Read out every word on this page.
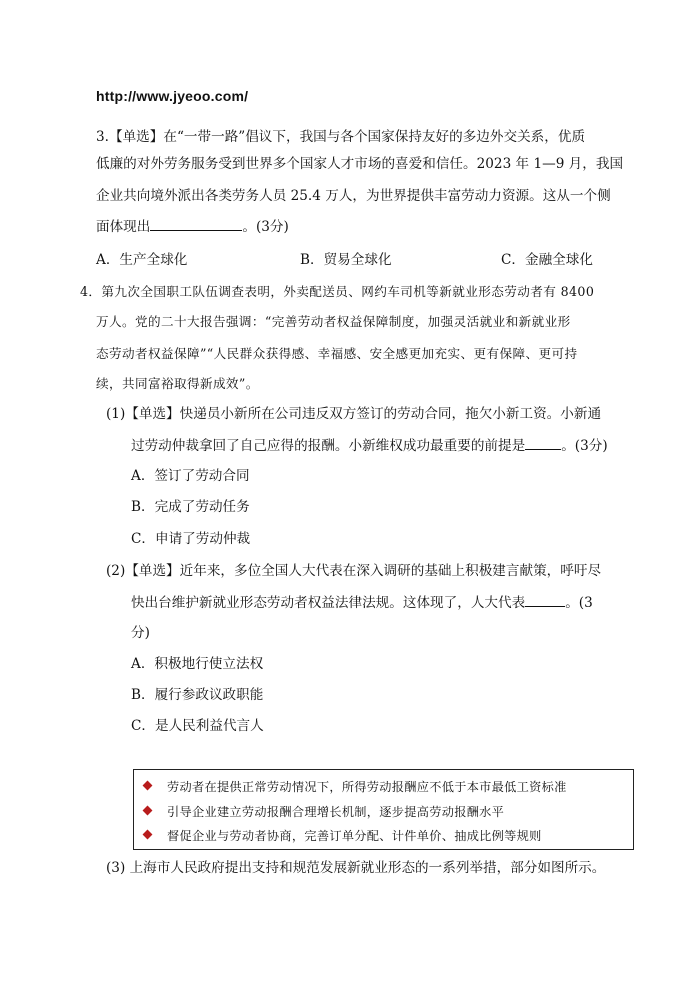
http://www.jyeoo.com/
3.【单选】在“一带一路”倡议下，我国与各个国家保持友好的多边外交关系，优质
低廉的对外劳务服务受到世界多个国家人才市场的喜爱和信任。2023 年 1—9 月，我国
企业共向境外派出各类劳务人员 25.4 万人，为世界提供丰富劳动力资源。这从一个侧
面体现出	。(3分)
A．生产全球化	B．贸易全球化	C．金融全球化
4．第九次全国职工队伍调查表明，外卖配送员、网约车司机等新就业形态劳动者有 8400
万人。党的二十大报告强调：“完善劳动者权益保障制度，加强灵活就业和新就业形
态劳动者权益保障”“人民群众获得感、幸福感、安全感更加充实、更有保障、更可持
续，共同富裕取得新成效”。
(1)【单选】快递员小新所在公司违反双方签订的劳动合同，拖欠小新工资。小新通
过劳动仲裁拿回了自己应得的报酬。小新维权成功最重要的前提是	。(3分)
A．签订了劳动合同
B．完成了劳动任务
C．申请了劳动仲裁
(2)【单选】近年来，多位全国人大代表在深入调研的基础上积极建言献策，呼吁尽
快出台维护新就业形态劳动者权益法律法规。这体现了，人大代表	。(3
分)
A．积极地行使立法权
B．履行参政议政职能
C．是人民利益代言人
劳动者在提供正常劳动情况下，所得劳动报酬应不低于本市最低工资标准
引导企业建立劳动报酬合理增长机制，逐步提高劳动报酬水平
督促企业与劳动者协商，完善订单分配、计件单价、抽成比例等规则
(3) 上海市人民政府提出支持和规范发展新就业形态的一系列举措，部分如图所示。
